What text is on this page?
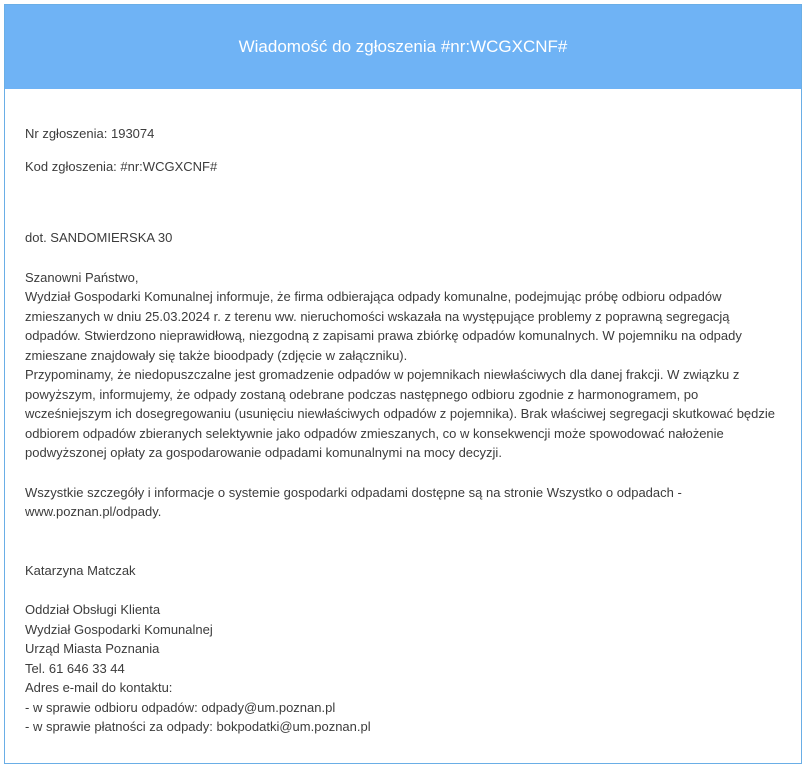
Wiadomość do zgłoszenia #nr:WCGXCNF#

Nr zgłoszenia: 193074

Kod zgłoszenia: #nr:WCGXCNF#

dot. SANDOMIERSKA 30

Szanowni Państwo,

Wydział Gospodarki Komunalnej informuje, że firma odbierająca odpady komunalne, podejmując próbę odbioru odpadów

zmieszanych w dniu 25.03.2024 r. z terenu ww. nieruchomości wskazała na występujące problemy z poprawną segregacją

odpadów. Stwierdzono nieprawidłową, niezgodną z zapisami prawa zbiórkę odpadów komunalnych. W pojemniku na odpady

zmieszane znajdowały się także bioodpady (zdjęcie w załączniku).

Przypominamy, że niedopuszczalne jest gromadzenie odpadów w pojemnikach niewłaściwych dla danej frakcji. W związku z

powyższym, informujemy, że odpady zostaną odebrane podczas następnego odbioru zgodnie z harmonogramem, po

wcześniejszym ich dosegregowaniu (usunięciu niewłaściwych odpadów z pojemnika). Brak właściwej segregacji skutkować będzie

odbiorem odpadów zbieranych selektywnie jako odpadów zmieszanych, co w konsekwencji może spowodować nałożenie

podwyższonej opłaty za gospodarowanie odpadami komunalnymi na mocy decyzji.

Wszystkie szczegóły i informacje o systemie gospodarki odpadami dostępne są na stronie Wszystko o odpadach -

www.poznan.pl/odpady.

Katarzyna Matczak

Oddział Obsługi Klienta

Wydział Gospodarki Komunalnej

Urząd Miasta Poznania

Tel. 61 646 33 44

Adres e-mail do kontaktu:

- w sprawie odbioru odpadów: odpady@um.poznan.pl

- w sprawie płatności za odpady: bokpodatki@um.poznan.pl
